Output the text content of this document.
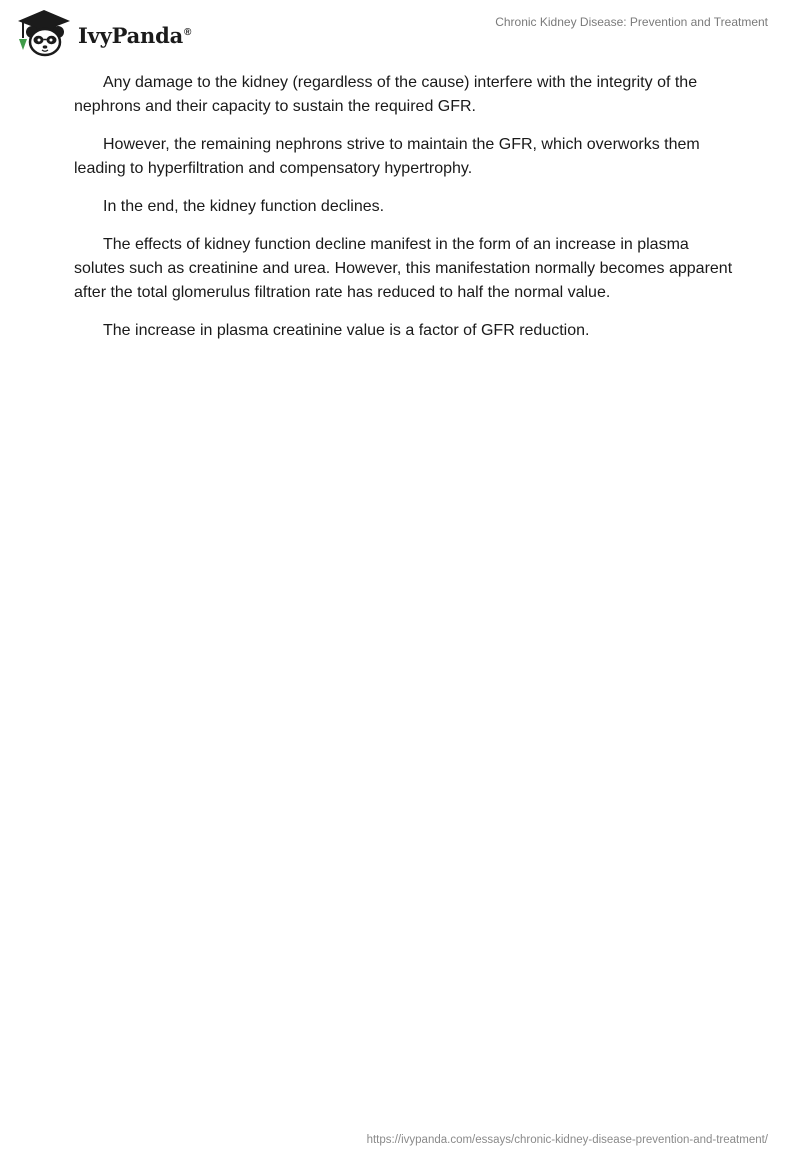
IvyPanda®
Chronic Kidney Disease: Prevention and Treatment

Any damage to the kidney (regardless of the cause) interfere with the integrity of the nephrons and their capacity to sustain the required GFR.

However, the remaining nephrons strive to maintain the GFR, which overworks them leading to hyperfiltration and compensatory hypertrophy.

In the end, the kidney function declines.

The effects of kidney function decline manifest in the form of an increase in plasma solutes such as creatinine and urea. However, this manifestation normally becomes apparent after the total glomerulus filtration rate has reduced to half the normal value.

The increase in plasma creatinine value is a factor of GFR reduction.

https://ivypanda.com/essays/chronic-kidney-disease-prevention-and-treatment/
